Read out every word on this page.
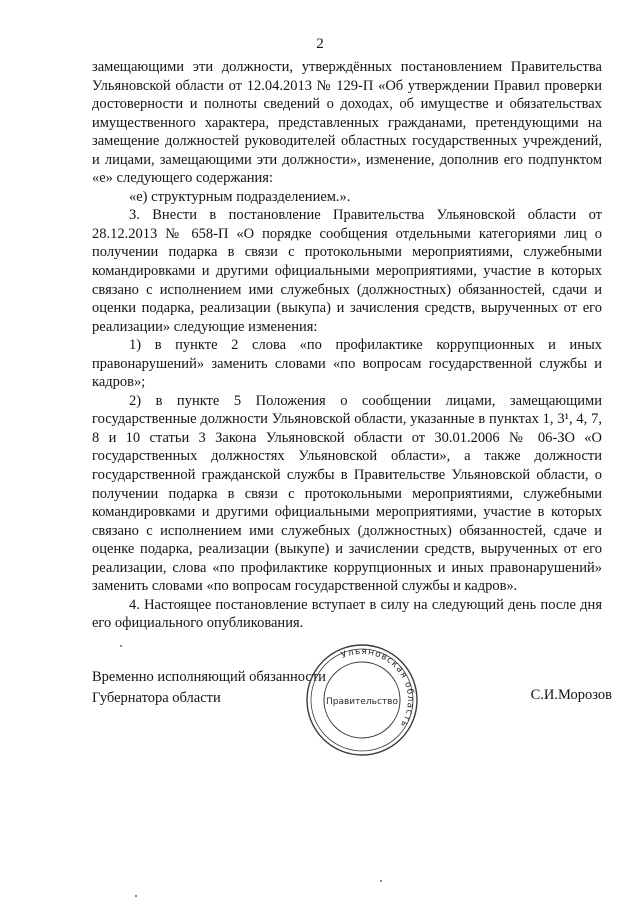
2

замещающими эти должности, утверждённых постановлением Правительства Ульяновской области от 12.04.2013 № 129-П «Об утверждении Правил проверки достоверности и полноты сведений о доходах, об имуществе и обязательствах имущественного характера, представленных гражданами, претендующими на замещение должностей руководителей областных государственных учреждений, и лицами, замещающими эти должности», изменение, дополнив его подпунктом «е» следующего содержания:

«е) структурным подразделением.».

3. Внести в постановление Правительства Ульяновской области от 28.12.2013 № 658-П «О порядке сообщения отдельными категориями лиц о получении подарка в связи с протокольными мероприятиями, служебными командировками и другими официальными мероприятиями, участие в которых связано с исполнением ими служебных (должностных) обязанностей, сдачи и оценки подарка, реализации (выкупа) и зачисления средств, вырученных от его реализации» следующие изменения:

1) в пункте 2 слова «по профилактике коррупционных и иных правонарушений» заменить словами «по вопросам государственной службы и кадров»;

2) в пункте 5 Положения о сообщении лицами, замещающими государственные должности Ульяновской области, указанные в пунктах 1, 3¹, 4, 7, 8 и 10 статьи 3 Закона Ульяновской области от 30.01.2006 № 06-ЗО «О государственных должностях Ульяновской области», а также должности государственной гражданской службы в Правительстве Ульяновской области, о получении подарка в связи с протокольными мероприятиями, служебными командировками и другими официальными мероприятиями, участие в которых связано с исполнением ими служебных (должностных) обязанностей, сдаче и оценке подарка, реализации (выкупе) и зачислении средств, вырученных от его реализации, слова «по профилактике коррупционных и иных правонарушений» заменить словами «по вопросам государственной службы и кадров».

4. Настоящее постановление вступает в силу на следующий день после дня его официального опубликования.

Временно исполняющий обязанности
Губернатора области
Ульяновская область
Правительство	С.И.Морозов
